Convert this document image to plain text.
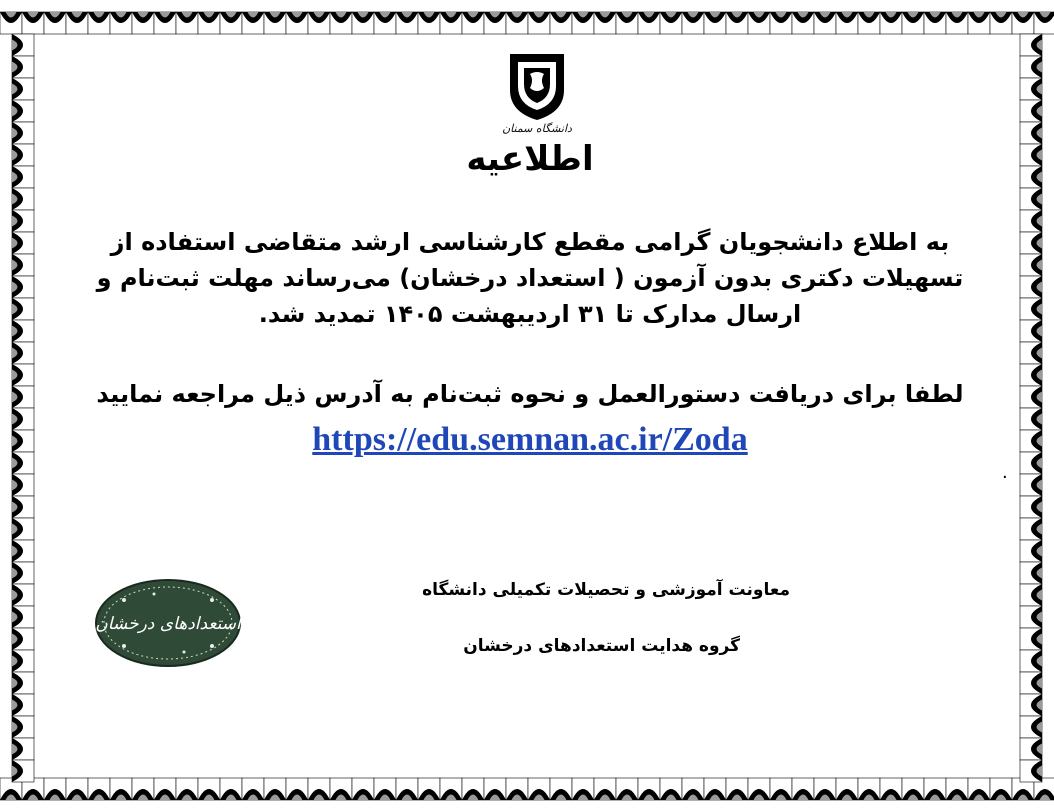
دانشگاه سمنان
اطلاعیه
به اطلاع دانشجویان گرامی مقطع کارشناسی ارشد متقاضی استفاده از
تسهیلات دکتری بدون آزمون ( استعداد درخشان) می‌رساند مهلت ثبت‌نام و
ارسال مدارک تا ۳۱ اردیبهشت ۱۴۰۵ تمدید شد.
لطفا برای دریافت دستورالعمل و نحوه ثبت‌نام به آدرس ذیل مراجعه نمایید
https://edu.semnan.ac.ir/Zoda
.
معاونت آموزشی و تحصیلات تکمیلی دانشگاه
گروه هدایت استعدادهای درخشان
استعدادهای درخشان
